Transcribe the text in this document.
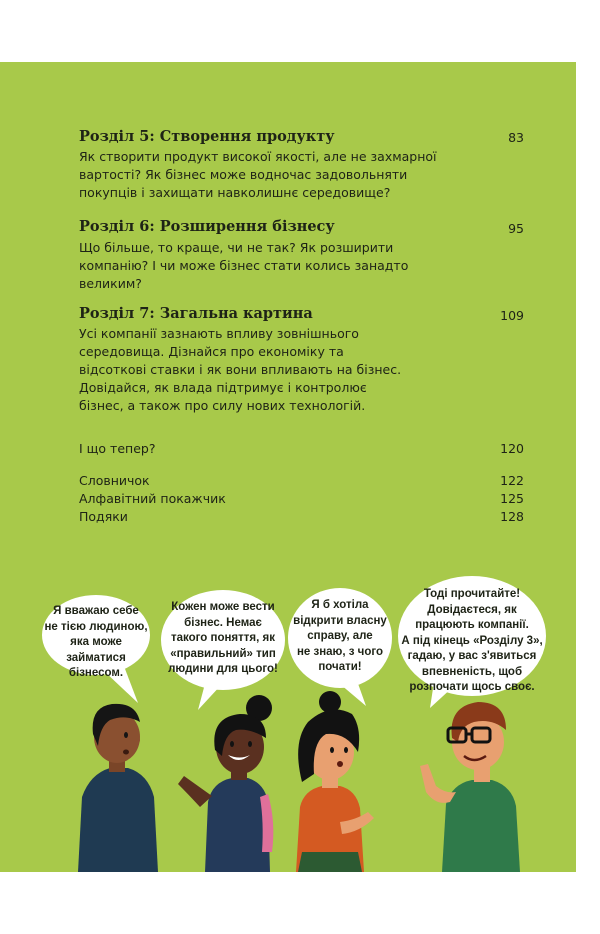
Розділ 5: Створення продукту	83
Як створити продукт високої якості, але не захмарної вартості? Як бізнес може водночас задовольняти покупців і захищати навколишнє середовище?
Розділ 6: Розширення бізнесу	95
Що більше, то краще, чи не так? Як розширити компанію? І чи може бізнес стати колись занадто великим?
Розділ 7: Загальна картина	109
Усі компанії зазнають впливу зовнішнього середовища. Дізнайся про економіку та відсоткові ставки і як вони впливають на бізнес. Довідайся, як влада підтримує і контролює бізнес, а також про силу нових технологій.
І що тепер?	120
Словничок	122
Алфавітний покажчик	125
Подяки	128
Я вважаю себе
не тією людиною,
яка може займатися
бізнесом.
Кожен може вести
бізнес. Немає
такого поняття, як
«правильний» тип
людини для цього!
Я б хотіла
відкрити власну
справу, але
не знаю, з чого
почати!
Тоді прочитайте!
Довідаєтеся, як
працюють компанії.
А під кінець «Розділу 3»,
гадаю, у вас з'явиться
впевненість, щоб
розпочати щось своє.
